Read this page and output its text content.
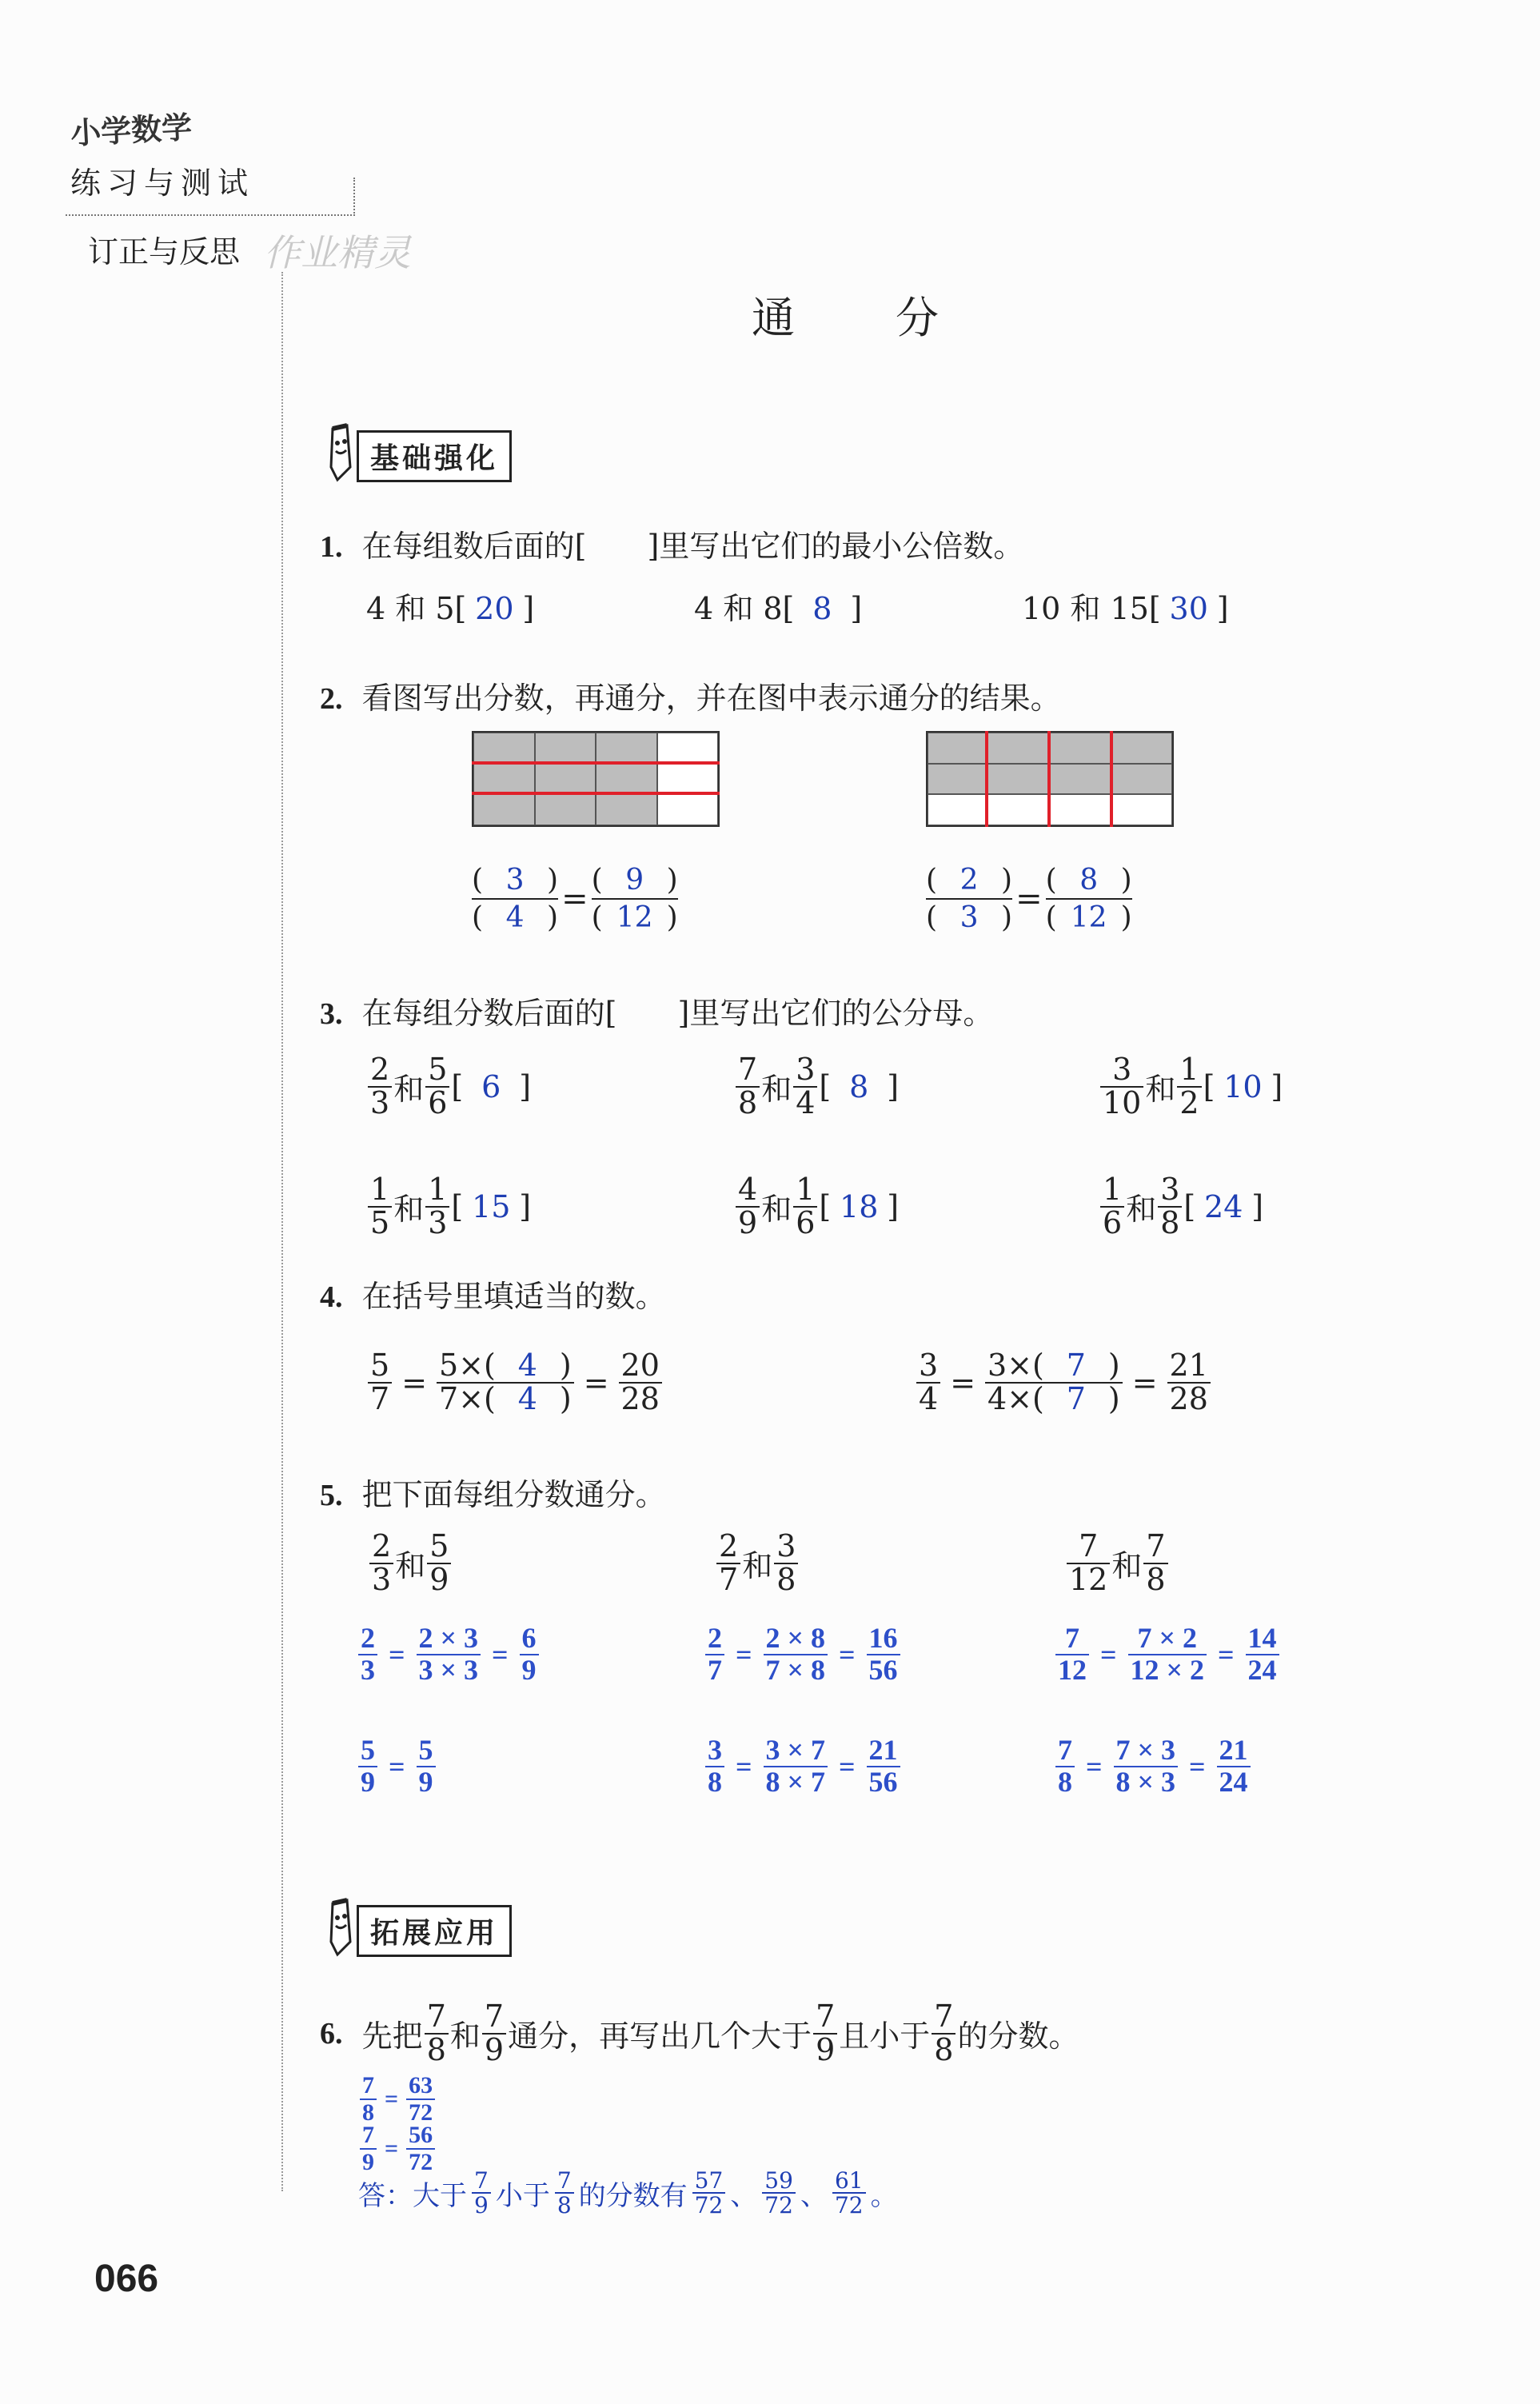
小学数学
练习与测试
订正与反思 作业精灵
通　　分
基础强化
1. 在每组数后面的[　　]里写出它们的最小公倍数。
4 和 5[ 20 ]	4 和 8[ 8 ]	10 和 15[ 30 ]
2. 看图写出分数，再通分，并在图中表示通分的结果。
$\frac{( 3 )}{( 4 )} = \frac{( 9 )}{( 12 )}$	$\frac{( 2 )}{( 3 )} = \frac{( 8 )}{( 12 )}$
3. 在每组分数后面的[　　]里写出它们的公分母。
$\frac{2}{3}$ 和 $\frac{5}{6}$ [ 6 ]	$\frac{7}{8}$ 和 $\frac{3}{4}$ [ 8 ]	$\frac{3}{10}$ 和 $\frac{1}{2}$ [ 10 ]
$\frac{1}{5}$ 和 $\frac{1}{3}$ [ 15 ]	$\frac{4}{9}$ 和 $\frac{1}{6}$ [ 18 ]	$\frac{1}{6}$ 和 $\frac{3}{8}$ [ 24 ]
4. 在括号里填适当的数。
$\frac{5}{7} = \frac{5\times( 4 )}{7\times( 4 )} = \frac{20}{28}$	$\frac{3}{4} = \frac{3\times( 7 )}{4\times( 7 )} = \frac{21}{28}$
5. 把下面每组分数通分。
$\frac{2}{3}$ 和 $\frac{5}{9}$
$\frac{2}{3} = \frac{2 \times 3}{3 \times 3} = \frac{6}{9}$
$\frac{5}{9} = \frac{5}{9}$
$\frac{2}{7}$ 和 $\frac{3}{8}$
$\frac{2}{7} = \frac{2 \times 8}{7 \times 8} = \frac{16}{56}$
$\frac{3}{8} = \frac{3 \times 7}{8 \times 7} = \frac{21}{56}$
$\frac{7}{12}$ 和 $\frac{7}{8}$
$\frac{7}{12} = \frac{7 \times 2}{12 \times 2} = \frac{14}{24}$
$\frac{7}{8} = \frac{7 \times 3}{8 \times 3} = \frac{21}{24}$
拓展应用
6.
先把 $\frac{7}{8}$ 和 $\frac{7}{9}$ 通分，再写出几个大于 $\frac{7}{9}$ 且小于 $\frac{7}{8}$ 的分数。
$\frac{7}{8} = \frac{63}{72}$
$\frac{7}{9} = \frac{56}{72}$
答：大于 $\frac{7}{9}$ 小于 $\frac{7}{8}$ 的分数有 $\frac{57}{72}$ 、 $\frac{59}{72}$ 、 $\frac{61}{72}$ 。
066
